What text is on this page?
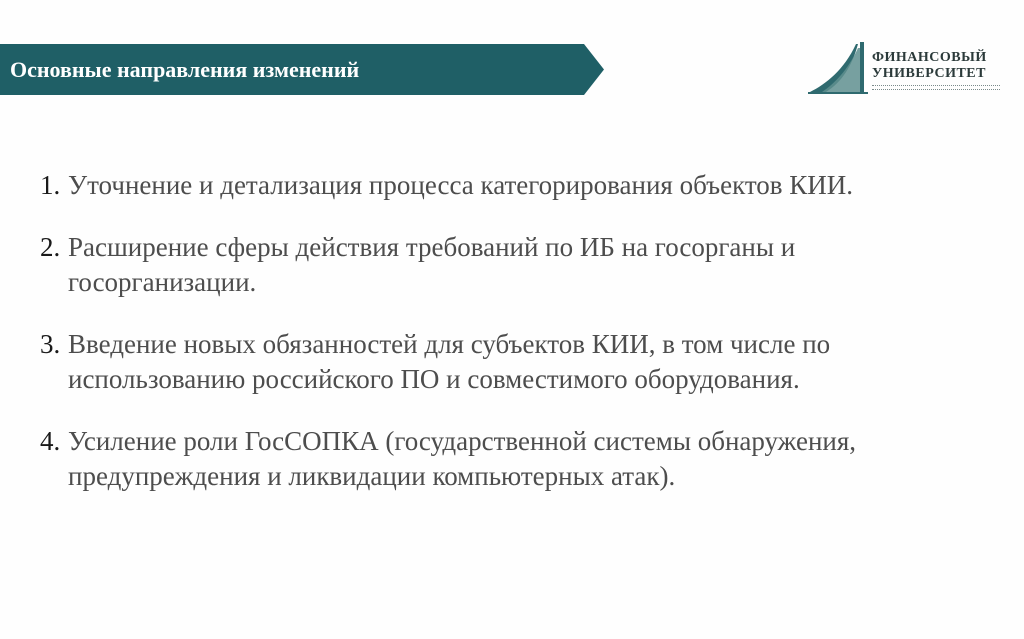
Основные направления изменений	ФИНАНСОВЫЙ
УНИВЕРСИТЕТ
1. Уточнение и детализация процесса категорирования объектов КИИ.
2. Расширение сферы действия требований по ИБ на госорганы и госорганизации.
3. Введение новых обязанностей для субъектов КИИ, в том числе по использованию российского ПО и совместимого оборудования.
4. Усиление роли ГосСОПКА (государственной системы обнаружения, предупреждения и ликвидации компьютерных атак).
